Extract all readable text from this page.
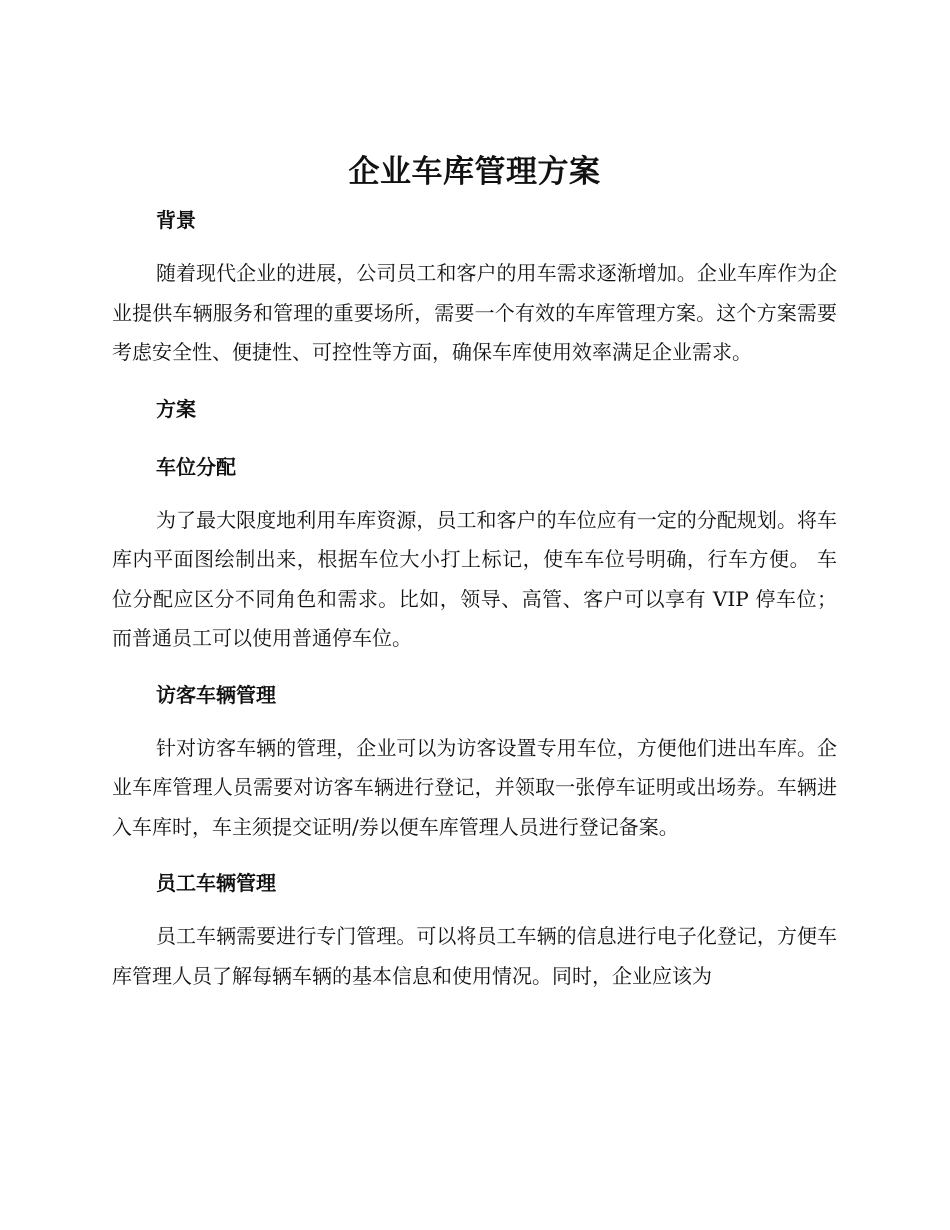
企业车库管理方案
背景

随着现代企业的进展，公司员工和客户的用车需求逐渐增加。企业车库作为企业提供车辆服务和管理的重要场所，需要一个有效的车库管理方案。这个方案需要考虑安全性、便捷性、可控性等方面，确保车库使用效率满足企业需求。

方案
车位分配

为了最大限度地利用车库资源，员工和客户的车位应有一定的分配规划。将车库内平面图绘制出来，根据车位大小打上标记，使车车位号明确，行车方便。 车位分配应区分不同角色和需求。比如，领导、高管、客户可以享有 VIP 停车位；而普通员工可以使用普通停车位。

访客车辆管理

针对访客车辆的管理，企业可以为访客设置专用车位，方便他们进出车库。企业车库管理人员需要对访客车辆进行登记，并领取一张停车证明或出场券。车辆进入车库时，车主须提交证明/券以便车库管理人员进行登记备案。

员工车辆管理

员工车辆需要进行专门管理。可以将员工车辆的信息进行电子化登记，方便车库管理人员了解每辆车辆的基本信息和使用情况。同时，企业应该为
